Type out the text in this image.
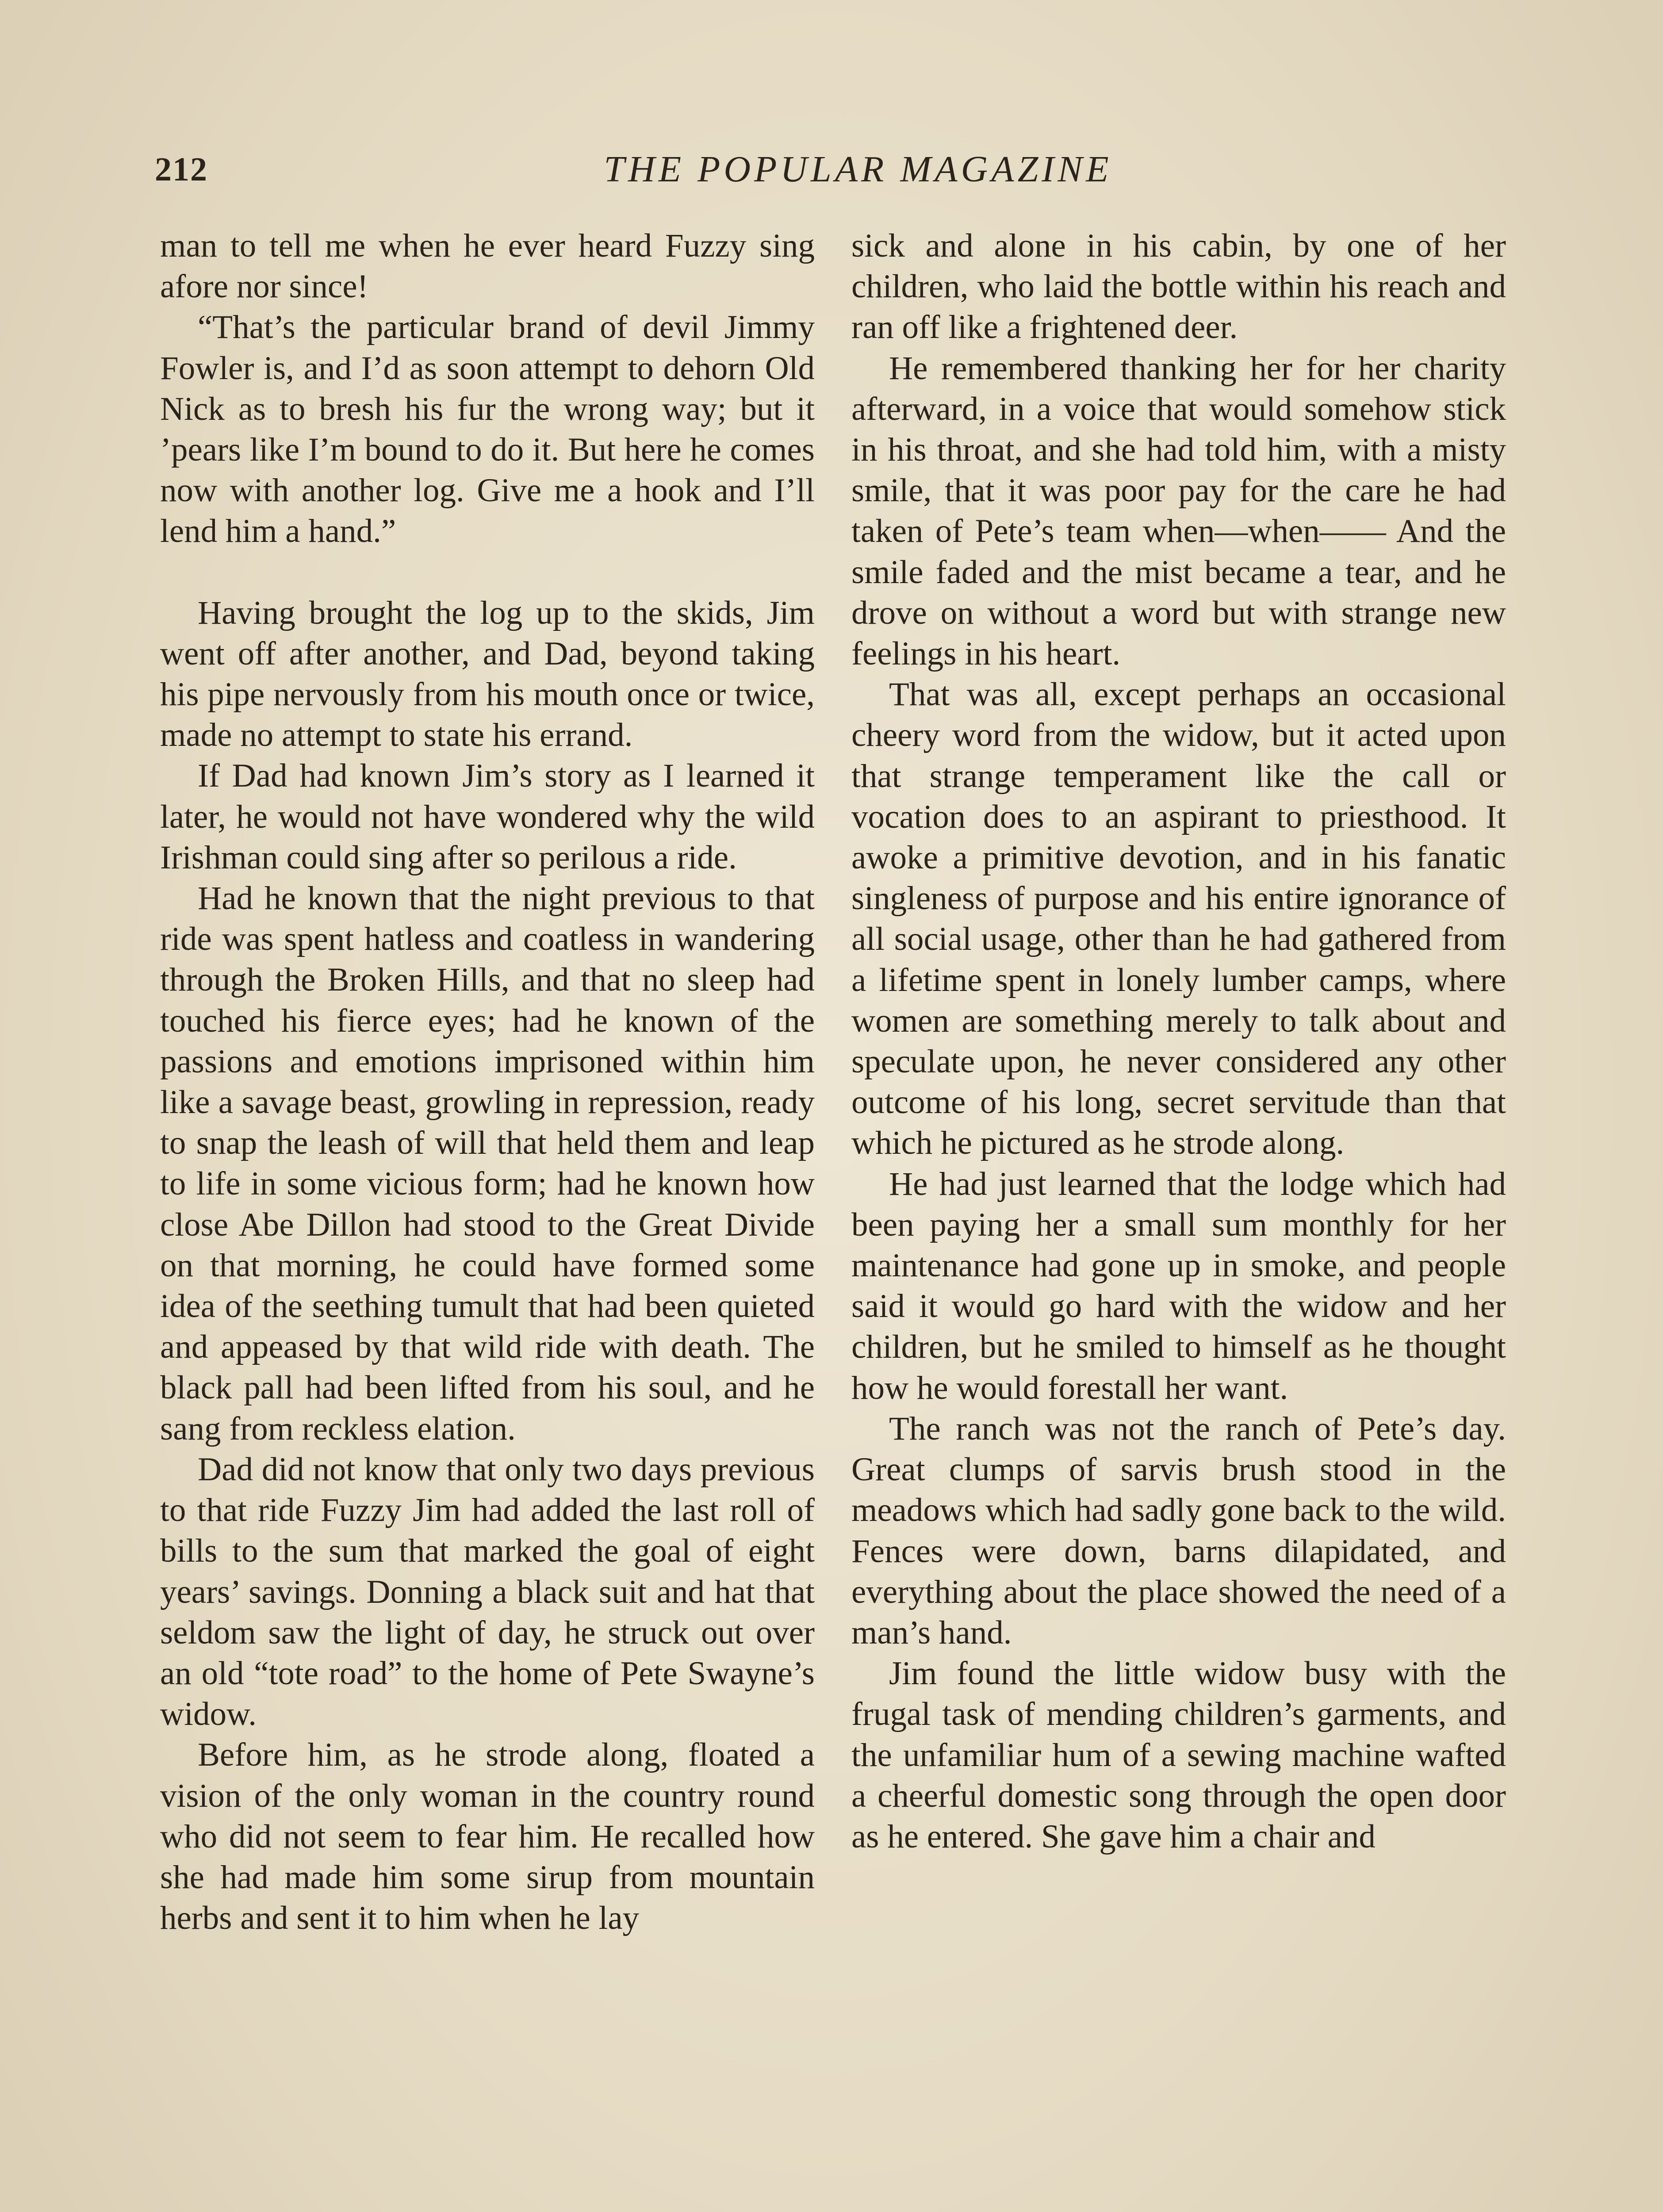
212	THE POPULAR MAGAZINE

man to tell me when he ever heard Fuzzy sing afore nor since!

“That’s the particular brand of devil Jimmy Fowler is, and I’d as soon attempt to dehorn Old Nick as to bresh his fur the wrong way; but it ’pears like I’m bound to do it. But here he comes now with another log. Give me a hook and I’ll lend him a hand.”

Having brought the log up to the skids, Jim went off after another, and Dad, beyond taking his pipe nervously from his mouth once or twice, made no attempt to state his errand.

If Dad had known Jim’s story as I learned it later, he would not have wondered why the wild Irishman could sing after so perilous a ride.

Had he known that the night previous to that ride was spent hatless and coatless in wandering through the Broken Hills, and that no sleep had touched his fierce eyes; had he known of the passions and emotions imprisoned within him like a savage beast, growling in repression, ready to snap the leash of will that held them and leap to life in some vicious form; had he known how close Abe Dillon had stood to the Great Divide on that morning, he could have formed some idea of the seething tumult that had been quieted and appeased by that wild ride with death. The black pall had been lifted from his soul, and he sang from reckless elation.

Dad did not know that only two days previous to that ride Fuzzy Jim had added the last roll of bills to the sum that marked the goal of eight years’ savings. Donning a black suit and hat that seldom saw the light of day, he struck out over an old “tote road” to the home of Pete Swayne’s widow.

Before him, as he strode along, floated a vision of the only woman in the country round who did not seem to fear him. He recalled how she had made him some sirup from mountain herbs and sent it to him when he lay

sick and alone in his cabin, by one of her children, who laid the bottle within his reach and ran off like a frightened deer.

He remembered thanking her for her charity afterward, in a voice that would somehow stick in his throat, and she had told him, with a misty smile, that it was poor pay for the care he had taken of Pete’s team when—when—— And the smile faded and the mist became a tear, and he drove on without a word but with strange new feelings in his heart.

That was all, except perhaps an occasional cheery word from the widow, but it acted upon that strange temperament like the call or vocation does to an aspirant to priesthood. It awoke a primitive devotion, and in his fanatic singleness of purpose and his entire ignorance of all social usage, other than he had gathered from a lifetime spent in lonely lumber camps, where women are something merely to talk about and speculate upon, he never considered any other outcome of his long, secret servitude than that which he pictured as he strode along.

He had just learned that the lodge which had been paying her a small sum monthly for her maintenance had gone up in smoke, and people said it would go hard with the widow and her children, but he smiled to himself as he thought how he would forestall her want.

The ranch was not the ranch of Pete’s day. Great clumps of sarvis brush stood in the meadows which had sadly gone back to the wild. Fences were down, barns dilapidated, and everything about the place showed the need of a man’s hand.

Jim found the little widow busy with the frugal task of mending children’s garments, and the unfamiliar hum of a sewing machine wafted a cheerful domestic song through the open door as he entered. She gave him a chair and
